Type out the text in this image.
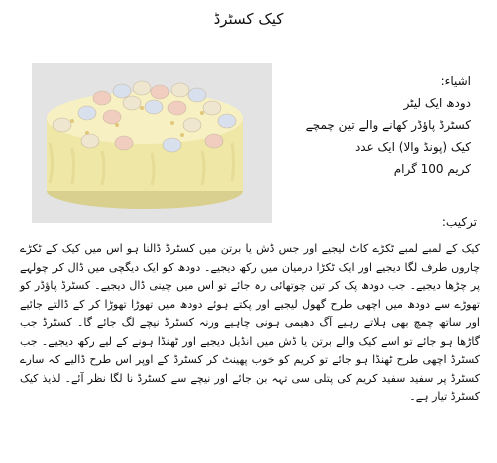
کیک کسٹرڈ
اشیاء:
دودھ ایک لیٹر
کسٹرڈ پاؤڈر کھانے والے تین چمچے
کیک (پونڈ والا) ایک عدد
کریم 100 گرام
ترکیب:
کیک کے لمبے لمبے ٹکڑے کاٹ لیجیے اور جس ڈش یا برتن میں کسٹرڈ ڈالنا ہو اس میں کیک کے ٹکڑے چاروں طرف لگا دیجیے اور ایک ٹکڑا درمیان میں رکھ دیجیے۔ دودھ کو ایک دیگچی میں ڈال کر چولہے پر چڑھا دیجیے۔ جب دودھ پک کر تین چوتھائی رہ جائے تو اس میں چینی ڈال دیجیے۔ کسٹرڈ پاؤڈر کو تھوڑے سے دودھ میں اچھی طرح گھول لیجیے اور پکتے ہوئے دودھ میں تھوڑا تھوڑا کر کے ڈالتے جائیے اور ساتھ چمچ بھی ہلاتے رہیے آگ دھیمی ہونی چاہیے ورنہ کسٹرڈ نیچے لگ جائے گا۔ کسٹرڈ جب گاڑھا ہو جائے تو اسے کیک والے برتن یا ڈش میں انڈیل دیجیے اور ٹھنڈا ہونے کے لیے رکھ دیجیے۔ جب کسٹرڈ اچھی طرح ٹھنڈا ہو جائے تو کریم کو خوب پھینٹ کر کسٹرڈ کے اوپر اس طرح ڈالیے کہ سارے کسٹرڈ پر سفید سفید کریم کی پتلی سی تہہ بن جائے اور نیچے سے کسٹرڈ نا لگا نظر آئے۔ لذیذ کیک کسٹرڈ تیار ہے۔
